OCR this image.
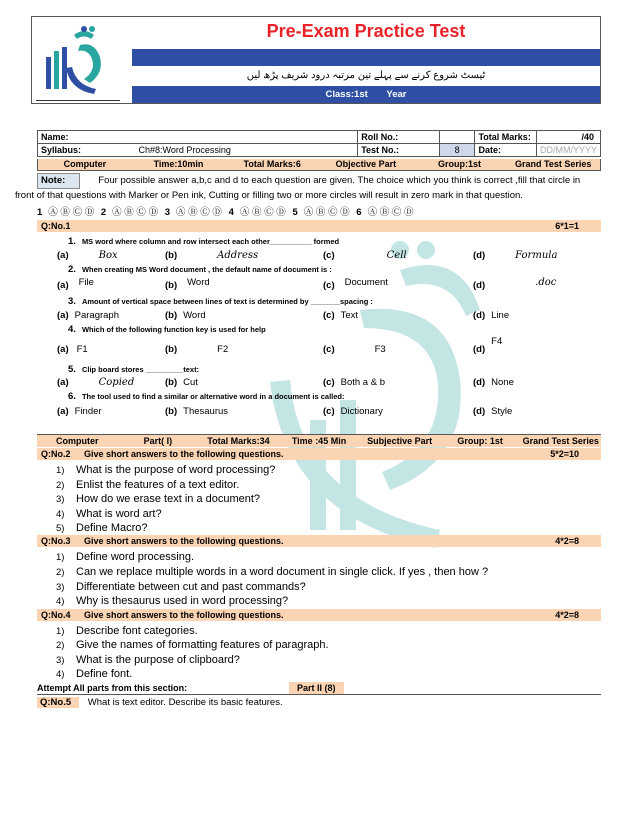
Pre-Exam Practice Test
ٹیسٹ شروع کرنے سے پہلے تین مرتبہ درود شریف پڑھ لیں
Class:1st Year
Name:	Roll No.:		Total Marks:	/40
Syllabus: Ch#8:Word Processing	Test No.:	8	Date:	DD/MM/YYYY
Computer	Time:10min	Total Marks:6	Objective Part	Group:1st	Grand Test Series
Note:	Four possible answer a,b,c and d to each question are given. The choice which you think is correct ,fill that circle in
front of that questions with Marker or Pen ink, Cutting or filling two or more circles will result in zero mark in that question.
1 Ⓐ Ⓑ Ⓒ Ⓓ 2 Ⓐ Ⓑ Ⓒ Ⓓ 3 Ⓐ Ⓑ Ⓒ Ⓓ 4 Ⓐ Ⓑ Ⓒ Ⓓ 5 Ⓐ Ⓑ Ⓒ Ⓓ 6 Ⓐ Ⓑ Ⓒ Ⓓ
Q:No.1	6*1=1
1. MS word where column and row intersect each other__________ formed
(a)	Box	(b)	Address	(c)	Cell	(d)	Formula
2. When creating MS Word document , the default name of document is :
(a) File	(b) Word	(c) Document	(d)	.doc
3. Amount of vertical space between lines of text is determined by _______spacing :
(a) Paragraph	(b) Word	(c) Text	(d) Line
4. Which of the following function key is used for help
(a) F1	(b)	F2	(c)	F3	(d)F4
5. Clip board stores _________text:
(a)	Copied	(b) Cut	(c) Both a & b	(d) None
6. The tool used to find a similar or alternative word in a document is called:
(a) Finder	(b) Thesaurus	(c) Dictionary	(d) Style
Computer	Part( I)	Total Marks:34	Time :45 Min	Subjective Part	Group: 1st	Grand Test Series
Q:No.2 Give short answers to the following questions.	5*2=10
1) What is the purpose of word processing?
2) Enlist the features of a text editor.
3) How do we erase text in a document?
4) What is word art?
5) Define Macro?
Q:No.3 Give short answers to the following questions.	4*2=8
1) Define word processing.
2) Can we replace multiple words in a word document in single click. If yes , then how ?
3) Differentiate between cut and past commands?
4) Why is thesaurus used in word processing?
Q:No.4 Give short answers to the following questions.	4*2=8
1) Describe font categories.
2) Give the names of formatting features of paragraph.
3) What is the purpose of clipboard?
4) Define font.
Attempt All parts from this section:	Part II (8)
Q:No.5 What is text editor. Describe its basic features.
